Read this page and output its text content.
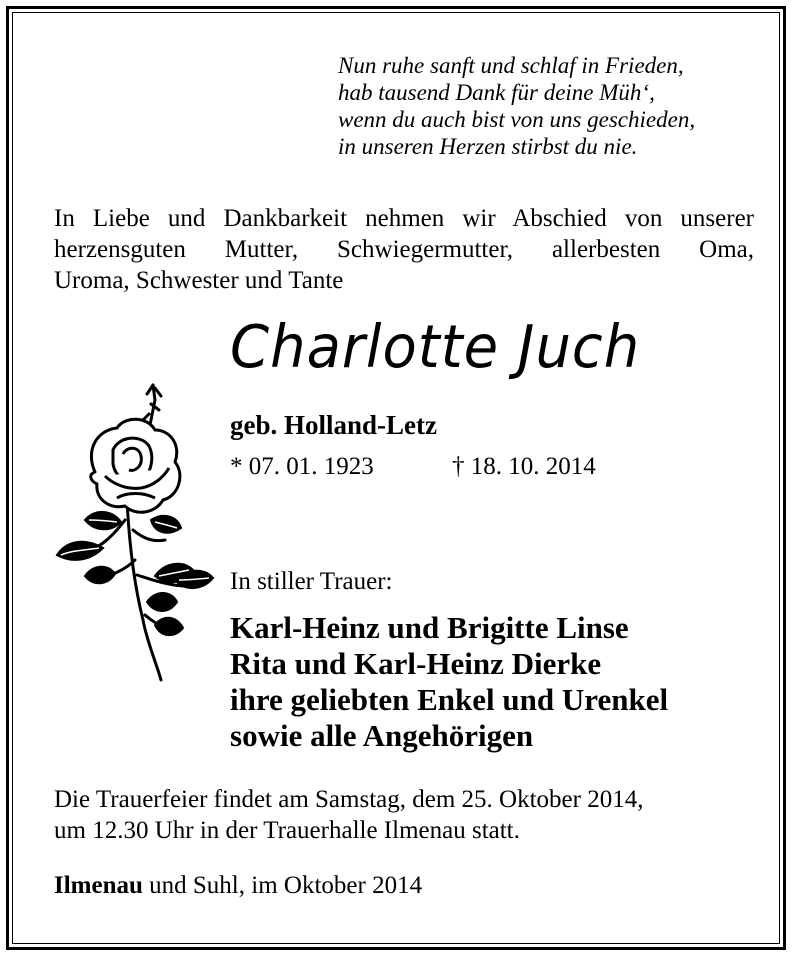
Nun ruhe sanft und schlaf in Frieden,
hab tausend Dank für deine Müh‘,
wenn du auch bist von uns geschieden,
in unseren Herzen stirbst du nie.
In Liebe und Dankbarkeit nehmen wir Abschied von unserer
herzensguten Mutter, Schwiegermutter, allerbesten Oma,
Uroma, Schwester und Tante
Charlotte Juch
geb. Holland-Letz
* 07. 01. 1923	† 18. 10. 2014
In stiller Trauer:
Karl-Heinz und Brigitte Linse
Rita und Karl-Heinz Dierke
ihre geliebten Enkel und Urenkel
sowie alle Angehörigen
Die Trauerfeier findet am Samstag, dem 25. Oktober 2014,
um 12.30 Uhr in der Trauerhalle Ilmenau statt.
Ilmenau und Suhl, im Oktober 2014
